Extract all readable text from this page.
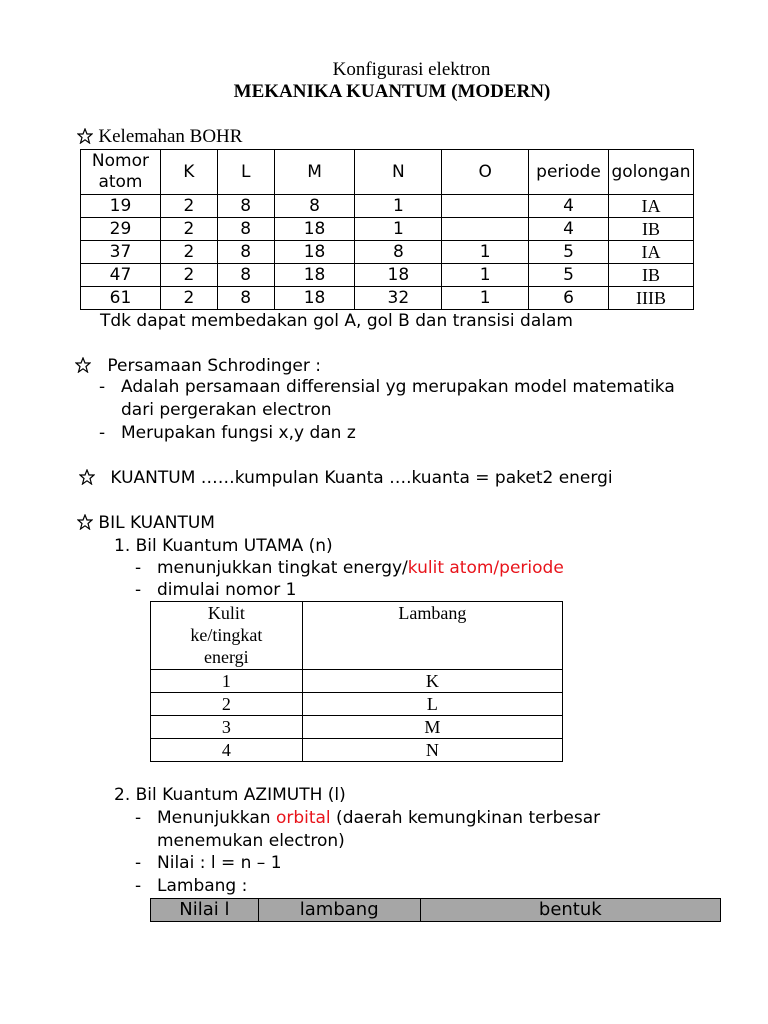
Konfigurasi elektron
MEKANIKA KUANTUM (MODERN)
Kelemahan BOHR
Nomor atom	K	L	M	N	O	periode	golongan
19	2	8	8	1		4	IA
29	2	8	18	1		4	IB
37	2	8	18	8	1	5	IA
47	2	8	18	18	1	5	IB
61	2	8	18	32	1	6	IIIB
Tdk dapat membedakan gol A, gol B dan transisi dalam
Persamaan Schrodinger :
- Adalah persamaan differensial yg merupakan model matematika
dari pergerakan electron
- Merupakan fungsi x,y dan z
KUANTUM ……kumpulan Kuanta ….kuanta = paket2 energi
BIL KUANTUM
1. Bil Kuantum UTAMA (n)
- menunjukkan tingkat energy/kulit atom/periode
- dimulai nomor 1
Kulit
ke/tingkat
energi	Lambang
1	K
2	L
3	M
4	N
2. Bil Kuantum AZIMUTH (l)
- Menunjukkan orbital (daerah kemungkinan terbesar
menemukan electron)
- Nilai : l = n – 1
- Lambang :
Nilai l	lambang	bentuk
